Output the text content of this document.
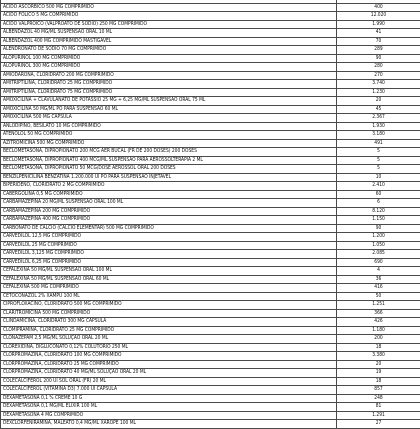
ÁCIDO ASCÓRBICO 500 MG COMPRIMIDO	400
ÁCIDO FÓLICO 5 MG COMPRIMIDO	12.020
ÁCIDO VALPRÓICO (VALPROATO DE SÓDIO) 250 MG COMPRIMIDO	1.990
ALBENDAZOL 40 MG/ML SUSPENSÃO ORAL 10 ML	41
ALBENDAZOL 400 MG COMPRIMIDO MASTIGÁVEL	70
ALENDRONATO DE SÓDIO 70 MG COMPRIMIDO	289
ALOPURINOL 100 MG COMPRIMIDO	90
ALOPURINOL 300 MG COMPRIMIDO	280
AMIODARONA, CLORIDRATO 200 MG COMPRIMIDO	270
AMITRIPTILINA, CLORIDRATO 25 MG COMPRIMIDO	3.740
AMITRIPTILINA, CLORIDRATO 75 MG COMPRIMIDO	1.230
AMOXICILINA + CLAVULANATO DE POTÁSSIO 25 MG + 6,25 MG/ML SUSPENSÃO ORAL 75 ML	20
AMOXICILINA 50 MG/ML PÓ PARA SUSPENSÃO 60 ML	45
AMOXICILINA 500 MG CÁPSULA	2.367
ANLODIPINO, BESILATO 10 MG COMPRIMIDO	1.930
ATENOLOL 50 MG COMPRIMIDO	3.180
AZITROMICINA 500 MG COMPRIMIDO	491
BECLOMETASONA, DIPROPIONATO 200 MCG AER BUCAL (FR DE 200 DOSES) 200 DOSES	5
BECLOMETASONA, DIPROPIONATO 400 MCG/ML SUSPENSÃO PARA AEROSSOLTERAPIA 2 ML	5
BECLOMETASONA, DIPROPIONATO 50 MCG/DOSE AEROSSOL ORAL 200 DOSES	5
BENZILPENICILINA BENZATINA 1.200.000 UI PÓ PARA SUSPENSÃO INJETÁVEL	10
BIPERIDENO, CLORIDRATO 2 MG COMPRIMIDO	2.410
CABERGOLINA 0,5 MG COMPRIMIDO	60
CARBAMAZEPINA 20 MG/ML SUSPENSÃO ORAL 100 ML	6
CARBAMAZEPINA 200 MG COMPRIMIDO	8.120
CARBAMAZEPINA 400 MG COMPRIMIDO	1.150
CARBONATO DE CÁLCIO (CÁLCIO ELEMENTAR) 500 MG COMPRIMIDO	90
CARVEDILOL 12,5 MG COMPRIMIDO	1.200
CARVEDILOL 25 MG COMPRIMIDO	1.050
CARVEDILOL 3,125 MG COMPRIMIDO	2.085
CARVEDILOL 6,25 MG COMPRIMIDO	690
CEFALEXINA 50 MG/ML SUSPENSÃO ORAL 100 ML	4
CEFALEXINA 50 MG/ML SUSPENSÃO ORAL 60 ML	36
CEFALEXINA 500 MG COMPRIMIDO	416
CETOCONAZOL 2% XAMPU 100 ML	50
CIPROFLOXACINO, CLORIDRATO 500 MG COMPRIMIDO	1.251
CLARITROMICINA 500 MG COMPRIMIDO	366
CLINDAMICINA, CLORIDRATO 300 MG CÁPSULA	426
CLOMIPRAMINA, CLORIDRATO 25 MG COMPRIMIDO	1.180
CLONAZEPAM 2,5 MG/ML SOLUÇÃO ORAL 20 ML	200
CLOREXIDINA, DIGLUCONATO 0,12% COLUTÓRIO 250 ML	18
CLORPROMAZINA, CLORIDRATO 100 MG COMPRIMIDO	3.380
CLORPROMAZINA, CLORIDRATO 25 MG COMPRIMIDO	20
CLORPROMAZINA, CLORIDRATO 40 MG/ML SOLUÇÃO ORAL 20 ML	19
COLECALCIFEROL 200 UI SOL ORAL (FR) 20 ML	18
COLECALCIFEROL (VITAMINA D3) 7.000 UI CÁPSULA	857
DEXAMETASONA 0,1 % CREME 10 G	248
DEXAMETASONA 0,1 MG/ML ELIXIR 100 ML	81
DEXAMETASONA 4 MG COMPRIMIDO	1.291
DEXCLORFENIRAMINA, MALEATO 0,4 MG/ML XAROPE 100 ML	27
